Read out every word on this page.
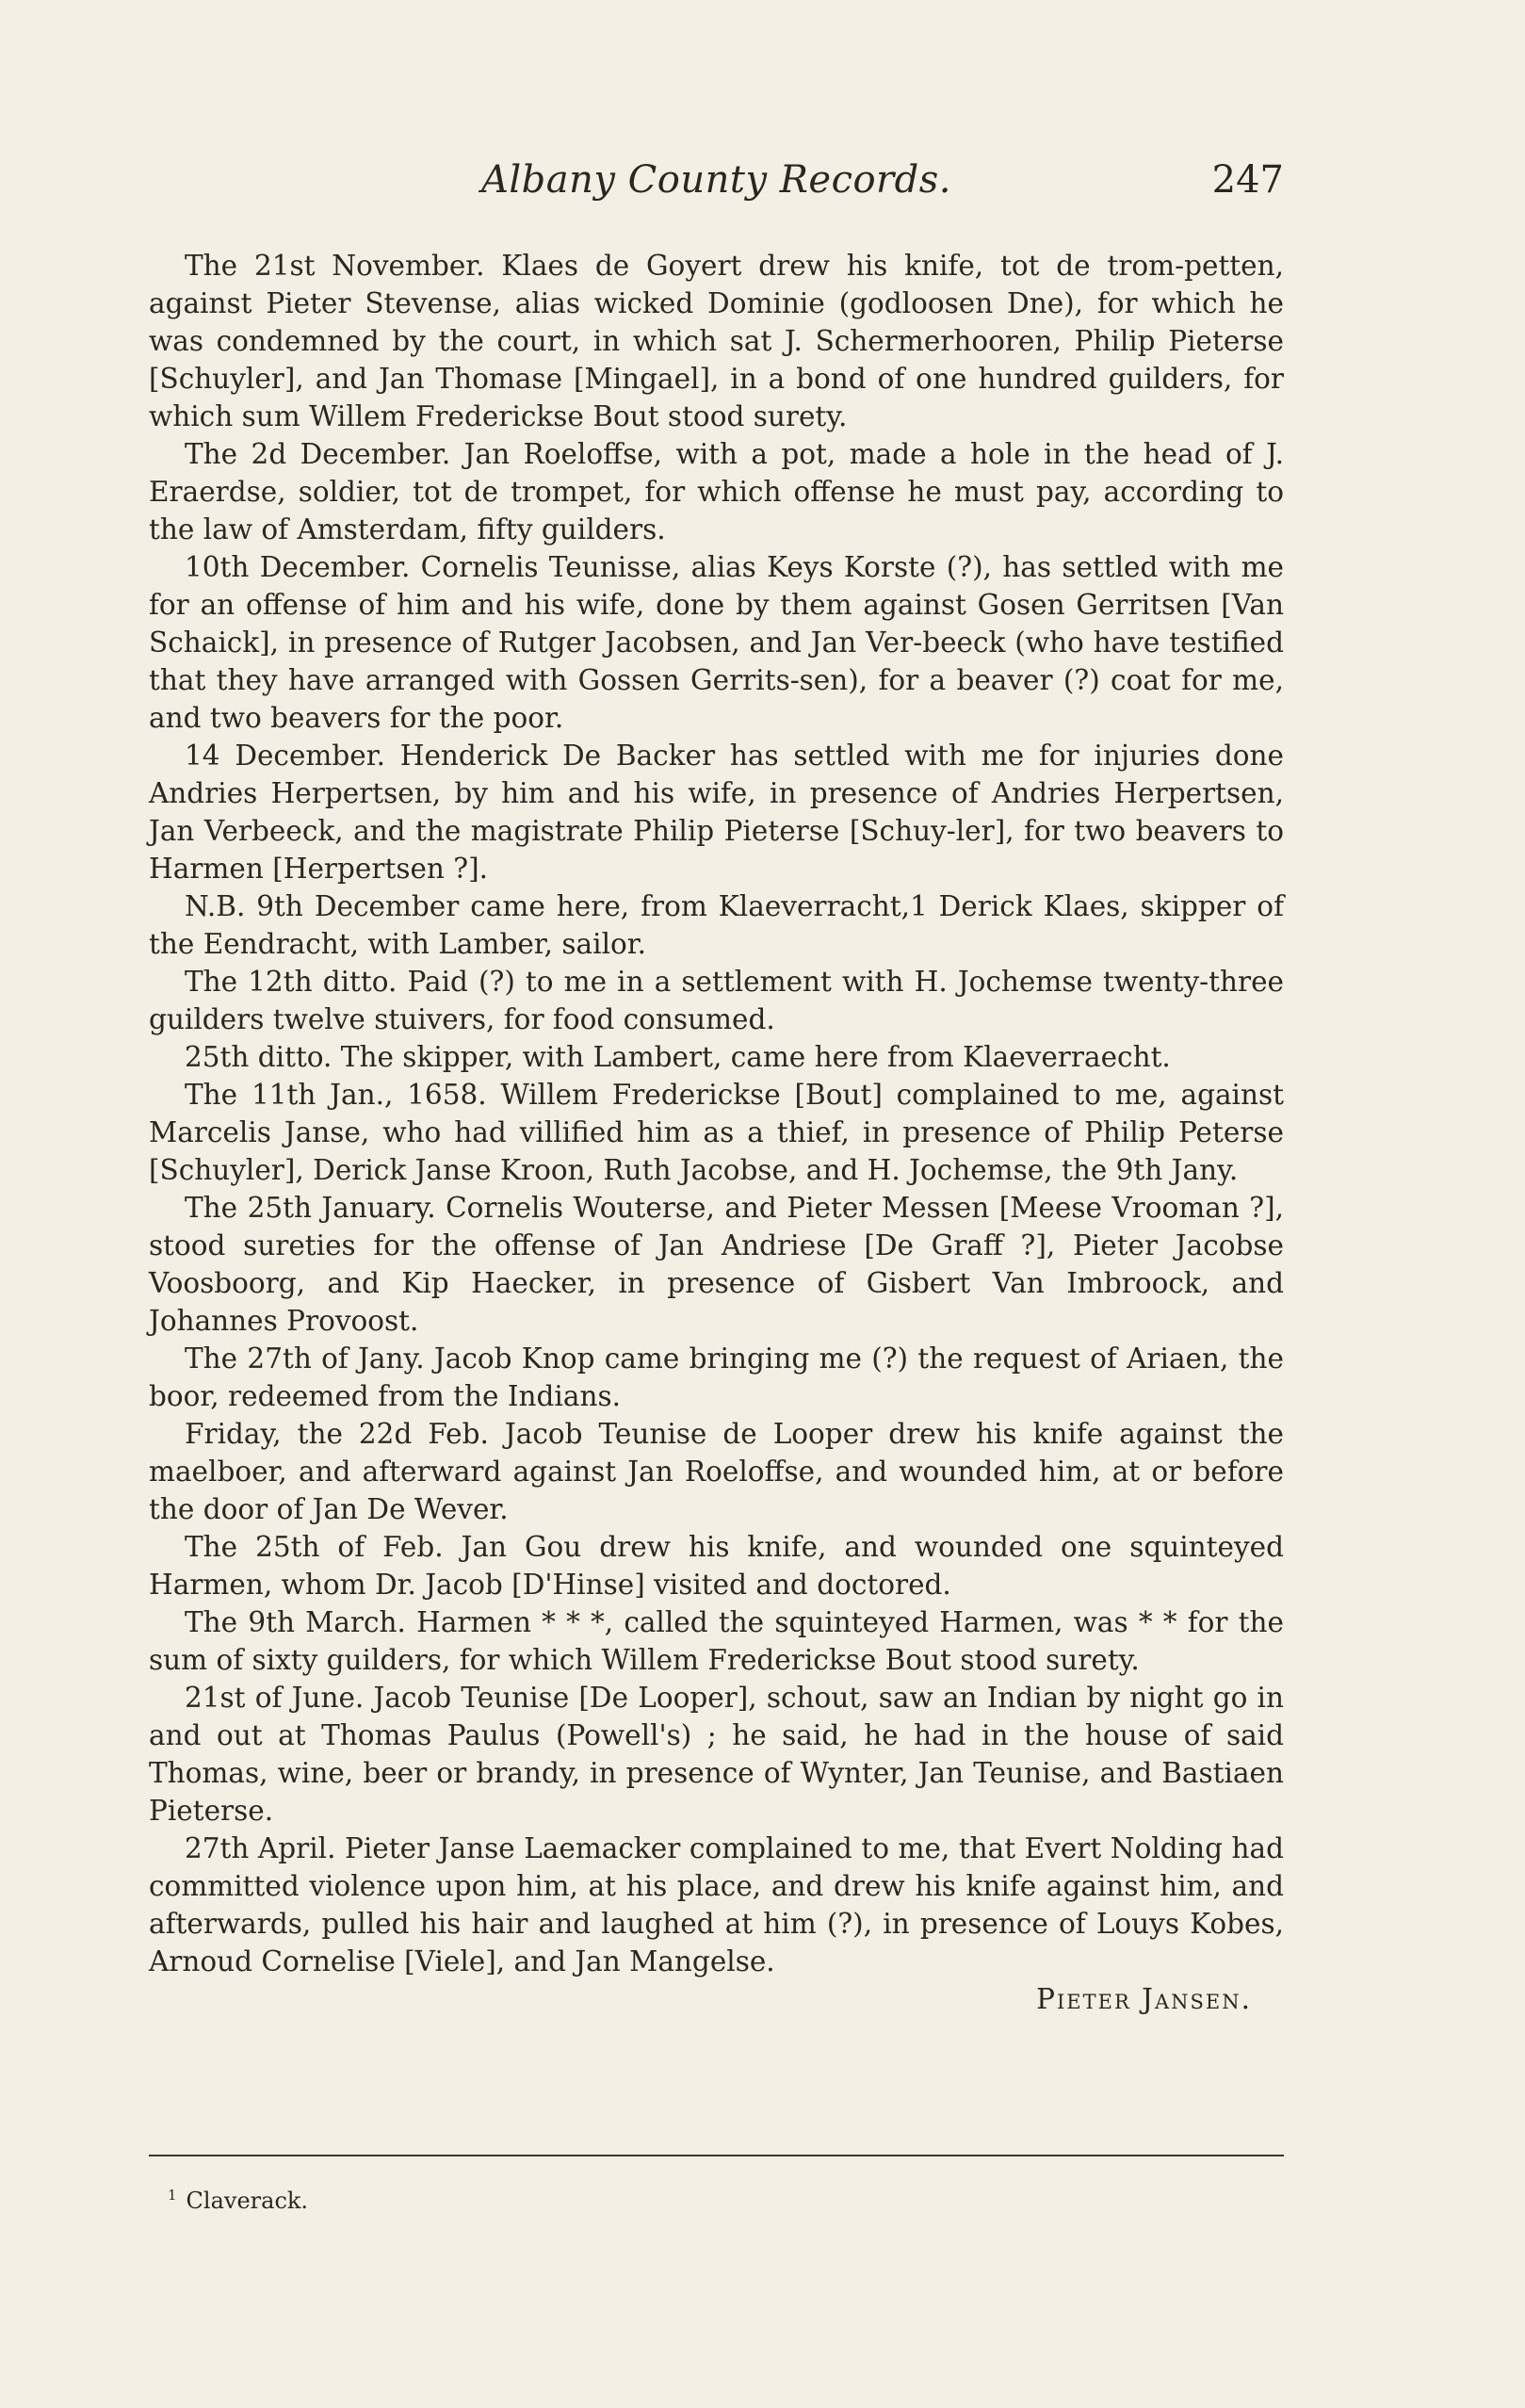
Albany County Records.	247

The 21st November. Klaes de Goyert drew his knife, tot de trom-petten, against Pieter Stevense, alias wicked Dominie (godloosen Dne), for which he was condemned by the court, in which sat J. Schermerhooren, Philip Pieterse [Schuyler], and Jan Thomase [Mingael], in a bond of one hundred guilders, for which sum Willem Frederickse Bout stood surety.

The 2d December. Jan Roeloffse, with a pot, made a hole in the head of J. Eraerdse, soldier, tot de trompet, for which offense he must pay, according to the law of Amsterdam, fifty guilders.

10th December. Cornelis Teunisse, alias Keys Korste (?), has settled with me for an offense of him and his wife, done by them against Gosen Gerritsen [Van Schaick], in presence of Rutger Jacobsen, and Jan Ver-beeck (who have testified that they have arranged with Gossen Gerrits-sen), for a beaver (?) coat for me, and two beavers for the poor.

14 December. Henderick De Backer has settled with me for injuries done Andries Herpertsen, by him and his wife, in presence of Andries Herpertsen, Jan Verbeeck, and the magistrate Philip Pieterse [Schuy-ler], for two beavers to Harmen [Herpertsen ?].

N.B. 9th December came here, from Klaeverracht,1 Derick Klaes, skipper of the Eendracht, with Lamber, sailor.

The 12th ditto. Paid (?) to me in a settlement with H. Jochemse twenty-three guilders twelve stuivers, for food consumed.

25th ditto. The skipper, with Lambert, came here from Klaeverraecht.

The 11th Jan., 1658. Willem Frederickse [Bout] complained to me, against Marcelis Janse, who had villified him as a thief, in presence of Philip Peterse [Schuyler], Derick Janse Kroon, Ruth Jacobse, and H. Jochemse, the 9th Jany.

The 25th January. Cornelis Wouterse, and Pieter Messen [Meese Vrooman ?], stood sureties for the offense of Jan Andriese [De Graff ?], Pieter Jacobse Voosboorg, and Kip Haecker, in presence of Gisbert Van Imbroock, and Johannes Provoost.

The 27th of Jany. Jacob Knop came bringing me (?) the request of Ariaen, the boor, redeemed from the Indians.

Friday, the 22d Feb. Jacob Teunise de Looper drew his knife against the maelboer, and afterward against Jan Roeloffse, and wounded him, at or before the door of Jan De Wever.

The 25th of Feb. Jan Gou drew his knife, and wounded one squinteyed Harmen, whom Dr. Jacob [D'Hinse] visited and doctored.

The 9th March. Harmen * * *, called the squinteyed Harmen, was * * for the sum of sixty guilders, for which Willem Frederickse Bout stood surety.

21st of June. Jacob Teunise [De Looper], schout, saw an Indian by night go in and out at Thomas Paulus (Powell's) ; he said, he had in the house of said Thomas, wine, beer or brandy, in presence of Wynter, Jan Teunise, and Bastiaen Pieterse.

27th April. Pieter Janse Laemacker complained to me, that Evert Nolding had committed violence upon him, at his place, and drew his knife against him, and afterwards, pulled his hair and laughed at him (?), in presence of Louys Kobes, Arnoud Cornelise [Viele], and Jan Mangelse.

Pieter Jansen.

$^1$ Claverack.
